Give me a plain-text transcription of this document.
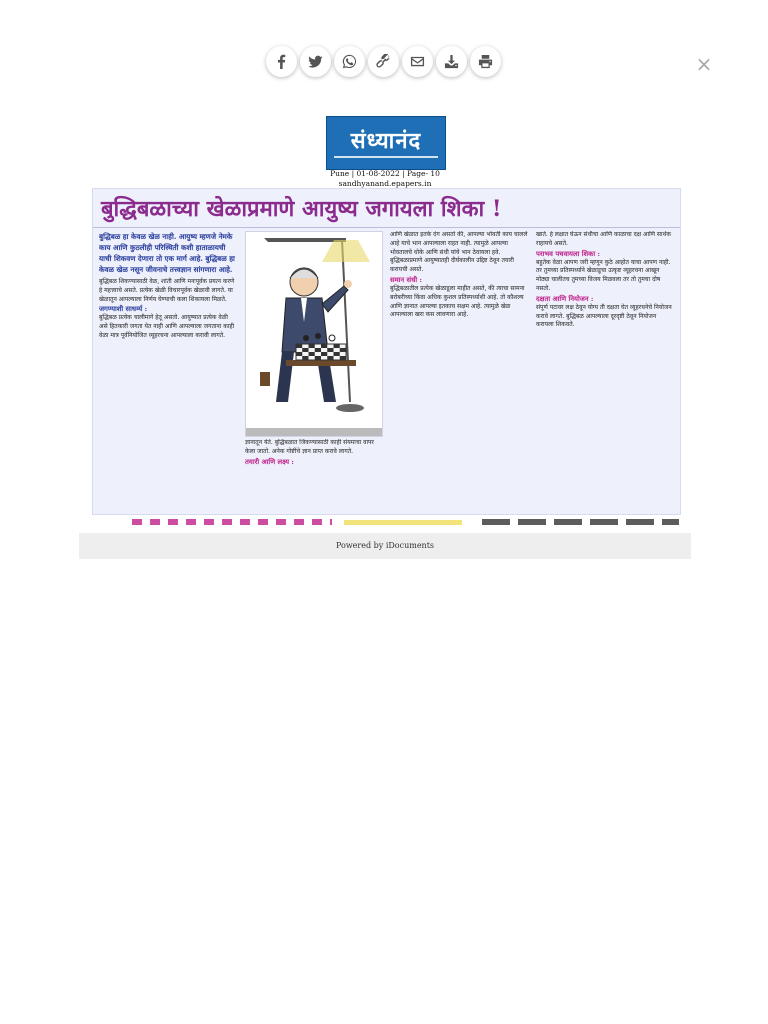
×
संध्यानंद
Pune | 01-08-2022 | Page- 10
sandhyanand.epapers.in
बुद्धिबळाच्या खेळाप्रमाणे आयुष्य जगायला शिका !
बुद्धिबळ हा केवळ खेळ नाही. आयुष्य म्हणजे नेमके काय आणि कुठलीही परिस्थिती कशी हाताळायची याची शिकवण देणारा तो एक मार्ग आहे. बुद्धिबळ हा केवळ खेळ नसून जीवनाचे तत्त्वज्ञान सांगणारा आहे.
बुद्धिबळ शिकण्यासाठी वेळ, शांती आणि मनःपूर्वक प्रयत्न करणे हे महत्त्वाचे असते. प्रत्येक खेळी विचारपूर्वक खेळावी लागते. या खेळातून आपल्याला निर्णय घेण्याची कला शिकायला मिळते.
जगण्याशी साधर्म्य :
बुद्धिबळ प्रत्येक चालीमागे हेतू असतो. आयुष्यात प्रत्येक वेळी असे हितकारी जगता येत नाही आणि आपल्याला जगताना काही वेळा मात्र पूर्वनियोजित व्यूहरचना आपल्याला करावी लागते.
ज्ञानातून येते. बुद्धिबळात जिंकण्यासाठी काही संयमाचा वापर केला जातो. अनेक गोष्टींचे ज्ञान प्राप्त करावे लागते.
तयारी आणि लक्ष्य :
आणि खेळात इतके दंग असतो की, आपल्या भोवती काय चालले आहे याचे भान आपल्याला राहत नाही. त्यामुळे आपल्या भोवतालचे धोके आणि संधी यांचे भान ठेवायला हवे. बुद्धिबळाप्रमाणे आयुष्यातही दीर्घकालीन उद्दिष्ट ठेवून तयारी करायची असते.
समान संधी :
बुद्धिबळातील प्रत्येक खेळाडूला माहीत असते, की त्याचा सामना बरोबरीच्या किंवा अधिक कुशल प्रतिस्पर्ध्याशी आहे. तो कौशल्य आणि ज्ञानात आपल्या इतकाच सक्षम आहे. त्यामुळे खेळ आपल्याला खरा कस लावणारा आहे.
खाते. हे लक्षात घेऊन संधीचा आणि काळाचा दक्ष आणि सार्थक राहायचे असते.
पराभव पचवायला शिका :
बहुतेक वेळा आपण जरी म्हणून कुठे आहोत याचा आपण नाही. तर तुमच्या प्रतिस्पर्ध्याने खेळाडूचा उत्कृष्ट व्यूहरचना आखून मोठ्या चालीतच तुमच्या विजय मिळवला तर तो तुमचा दोष नसतो.
दक्षता आणि नियोजन :
संपूर्ण पटावर लक्ष ठेवून योग्य ती दक्षता घेत व्यूहरचनेचे नियोजन करावे लागते. बुद्धिबळ आपल्याला दूरदृष्टी ठेवून नियोजन करायला शिकवते.
Powered by iDocuments
